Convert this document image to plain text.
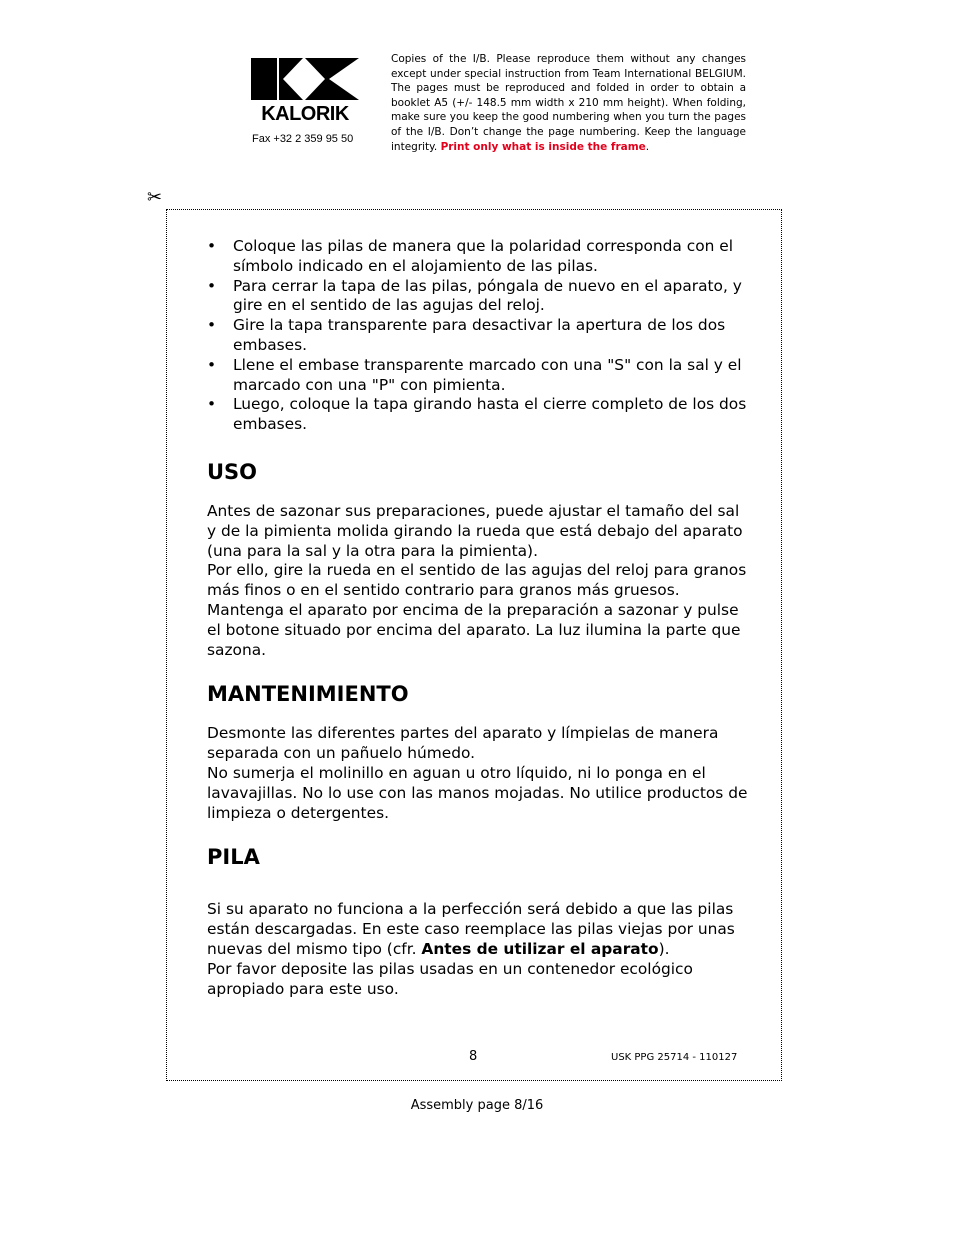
KALORIK
Fax +32 2 359 95 50
Copies of the I/B. Please reproduce them without any changes except under special instruction from Team International BELGIUM. The pages must be reproduced and folded in order to obtain a booklet A5 (+/- 148.5 mm width x 210 mm height). When folding, make sure you keep the good numbering when you turn the pages of the I/B. Don’t change the page numbering. Keep the language integrity. Print only what is inside the frame.
✂
• Coloque las pilas de manera que la polaridad corresponda con el símbolo indicado en el alojamiento de las pilas.
• Para cerrar la tapa de las pilas, póngala de nuevo en el aparato, y gire en el sentido de las agujas del reloj.
• Gire la tapa transparente para desactivar la apertura de los dos embases.
• Llene el embase transparente marcado con una "S" con la sal y el marcado con una "P" con pimienta.
• Luego, coloque la tapa girando hasta el cierre completo de los dos embases.
USO

Antes de sazonar sus preparaciones, puede ajustar el tamaño del sal y de la pimienta molida girando la rueda que está debajo del aparato (una para la sal y la otra para la pimienta).

Por ello, gire la rueda en el sentido de las agujas del reloj para granos más finos o en el sentido contrario para granos más gruesos.

Mantenga el aparato por encima de la preparación a sazonar y pulse el botone situado por encima del aparato. La luz ilumina la parte que sazona.

MANTENIMIENTO

Desmonte las diferentes partes del aparato y límpielas de manera separada con un pañuelo húmedo.

No sumerja el molinillo en aguan u otro líquido, ni lo ponga en el lavavajillas. No lo use con las manos mojadas. No utilice productos de limpieza o detergentes.

PILA

Si su aparato no funciona a la perfección será debido a que las pilas están descargadas. En este caso reemplace las pilas viejas por unas nuevas del mismo tipo (cfr. Antes de utilizar el aparato).

Por favor deposite las pilas usadas en un contenedor ecológico apropiado para este uso.

8	USK PPG 25714 - 110127
Assembly page 8/16
